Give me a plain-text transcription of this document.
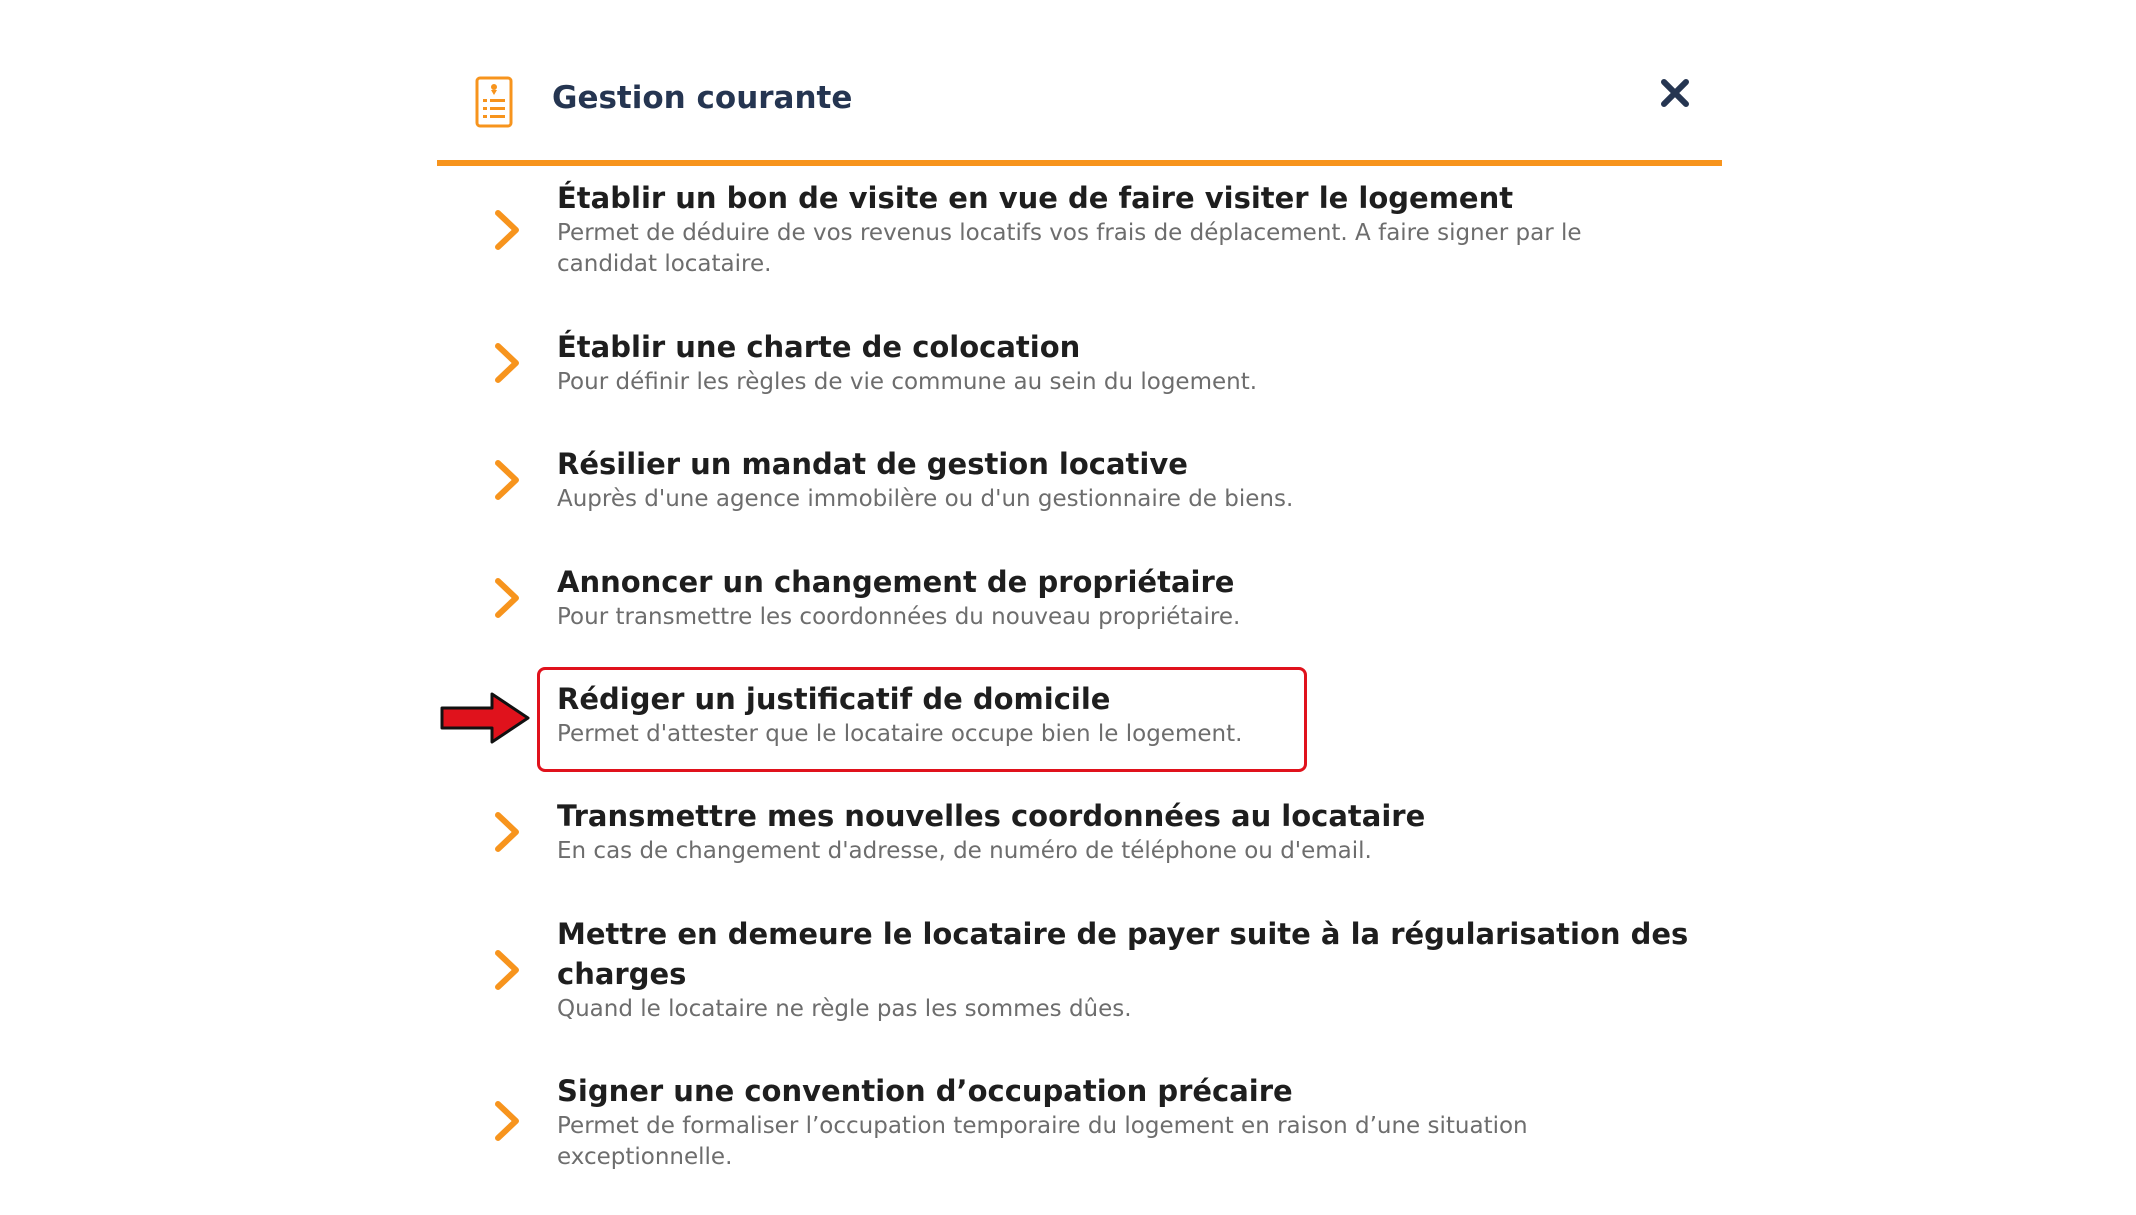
Gestion courante
Établir un bon de visite en vue de faire visiter le logement
Permet de déduire de vos revenus locatifs vos frais de déplacement. A faire signer par le candidat locataire.
Établir une charte de colocation
Pour définir les règles de vie commune au sein du logement.
Résilier un mandat de gestion locative
Auprès d'une agence immobilère ou d'un gestionnaire de biens.
Annoncer un changement de propriétaire
Pour transmettre les coordonnées du nouveau propriétaire.
Rédiger un justificatif de domicile
Permet d'attester que le locataire occupe bien le logement.
Transmettre mes nouvelles coordonnées au locataire
En cas de changement d'adresse, de numéro de téléphone ou d'email.
Mettre en demeure le locataire de payer suite à la régularisation des charges
Quand le locataire ne règle pas les sommes dûes.
Signer une convention d’occupation précaire
Permet de formaliser l’occupation temporaire du logement en raison d’une situation exceptionnelle.
